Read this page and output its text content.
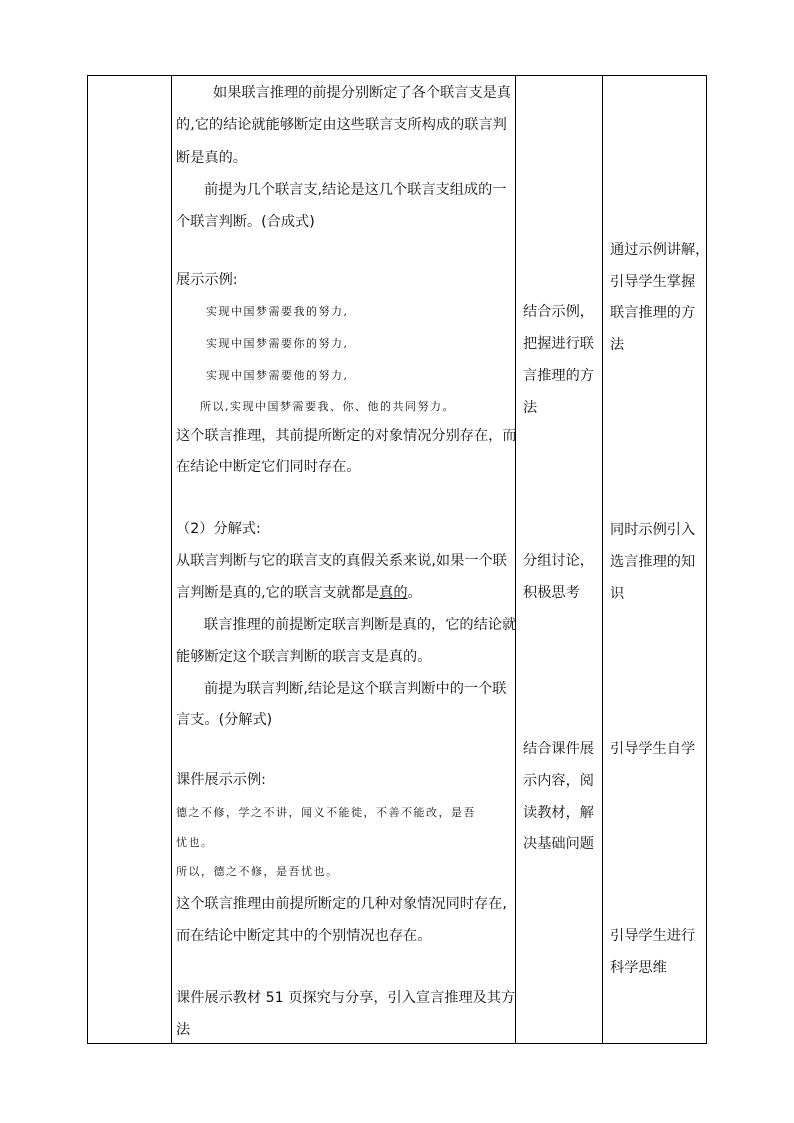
如果联言推理的前提分别断定了各个联言支是真
的,它的结论就能够断定由这些联言支所构成的联言判
断是真的。
前提为几个联言支,结论是这几个联言支组成的一
个联言判断。(合成式)
展示示例:
实现中国梦需要我的努力,
实现中国梦需要你的努力,
实现中国梦需要他的努力,
所以,实现中国梦需要我、你、他的共同努力。
这个联言推理，其前提所断定的对象情况分别存在，而
在结论中断定它们同时存在。
（2）分解式:
从联言判断与它的联言支的真假关系来说,如果一个联
言判断是真的,它的联言支就都是真的。
联言推理的前提断定联言判断是真的，它的结论就
能够断定这个联言判断的联言支是真的。
前提为联言判断,结论是这个联言判断中的一个联
言支。(分解式)
课件展示示例:
德之不修，学之不讲，闻义不能徙，不善不能改，是吾
忧也。
所以，德之不修，是吾忧也。
这个联言推理由前提所断定的几种对象情况同时存在,
而在结论中断定其中的个别情况也存在。
课件展示教材 51 页探究与分享，引入宣言推理及其方
法
结合示例，
把握进行联
言推理的方
法
分组讨论，
积极思考
结合课件展
示内容，阅
读教材，解
决基础问题
通过示例讲解，
引导学生掌握
联言推理的方
法
同时示例引入
选言推理的知
识
引导学生自学
引导学生进行
科学思维
